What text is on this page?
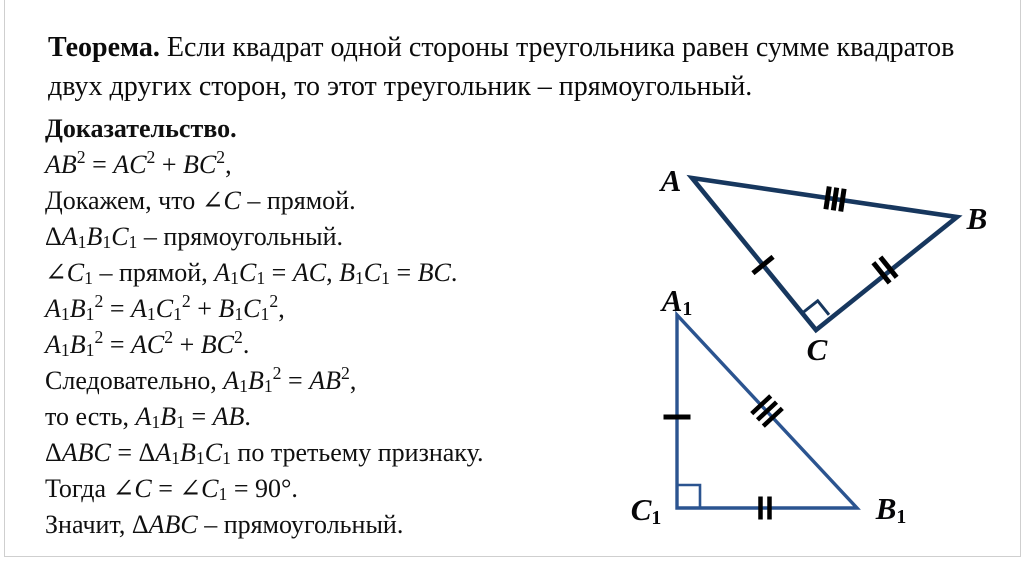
Теорема. Если квадрат одной стороны треугольника равен сумме квадратов двух других сторон, то этот треугольник – прямоугольный.
Доказательство.
$AB^2 = AC^2 + BC^2$,
Докажем, что ∠C – прямой.
$\Delta A_1B_1C_1$ – прямоугольный.
$\angle C_1$ – прямой, $A_1C_1$ = AC, $B_1C_1$ = BC.
$A_1B_1^2 = A_1C_1^2 + B_1C_1^2$,
$A_1B_1^2 = AC^2 + BC^2$.
Следовательно, $A_1B_1^2 = AB^2$,
то есть, $A_1B_1$ = AB.
$\Delta ABC = \Delta A_1B_1C_1$ по третьему признаку.
Тогда ∠C = $\angle C_1 = 90^\circ$.
Значит, ΔABC – прямоугольный.
A
B
C
$A_1$
$C_1$	$B_1$
